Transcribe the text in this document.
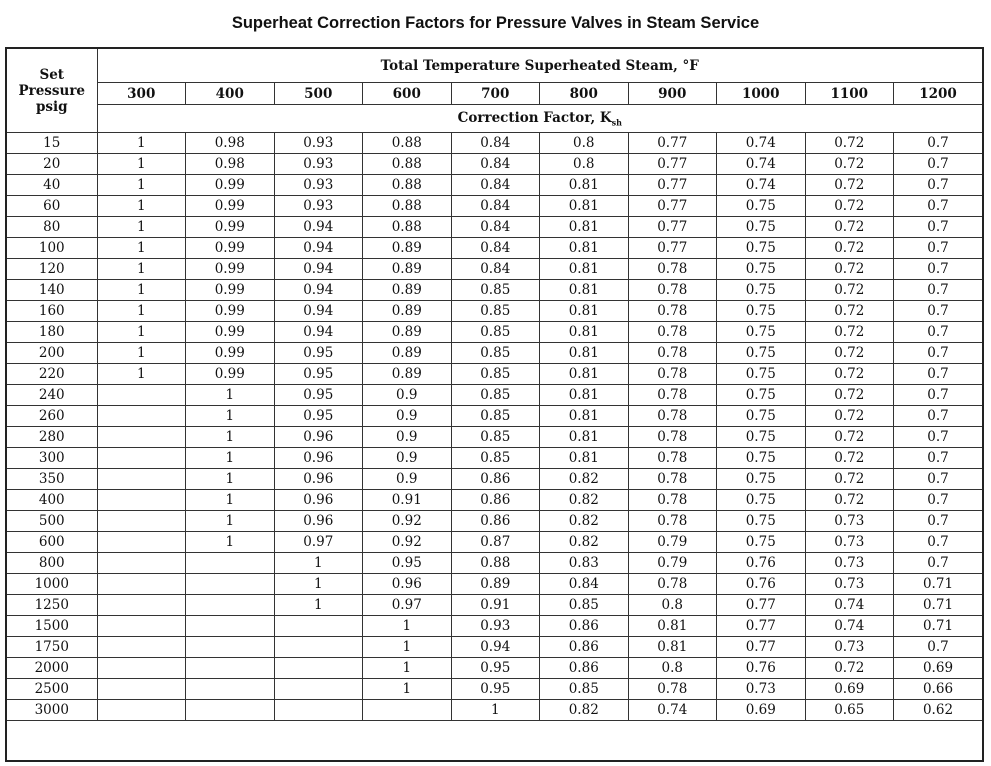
Superheat Correction Factors for Pressure Valves in Steam Service
Set
Pressure
psig	Total Temperature Superheated Steam, °F									
	300	400	500	600	700	800	900	1000	1100	1200
	Correction Factor, $K_{sh}$
15	1	0.98	0.93	0.88	0.84	0.8	0.77	0.74	0.72	0.7
20	1	0.98	0.93	0.88	0.84	0.8	0.77	0.74	0.72	0.7
40	1	0.99	0.93	0.88	0.84	0.81	0.77	0.74	0.72	0.7
60	1	0.99	0.93	0.88	0.84	0.81	0.77	0.75	0.72	0.7
80	1	0.99	0.94	0.88	0.84	0.81	0.77	0.75	0.72	0.7
100	1	0.99	0.94	0.89	0.84	0.81	0.77	0.75	0.72	0.7
120	1	0.99	0.94	0.89	0.84	0.81	0.78	0.75	0.72	0.7
140	1	0.99	0.94	0.89	0.85	0.81	0.78	0.75	0.72	0.7
160	1	0.99	0.94	0.89	0.85	0.81	0.78	0.75	0.72	0.7
180	1	0.99	0.94	0.89	0.85	0.81	0.78	0.75	0.72	0.7
200	1	0.99	0.95	0.89	0.85	0.81	0.78	0.75	0.72	0.7
220	1	0.99	0.95	0.89	0.85	0.81	0.78	0.75	0.72	0.7
240		1	0.95	0.9	0.85	0.81	0.78	0.75	0.72	0.7
260		1	0.95	0.9	0.85	0.81	0.78	0.75	0.72	0.7
280		1	0.96	0.9	0.85	0.81	0.78	0.75	0.72	0.7
300		1	0.96	0.9	0.85	0.81	0.78	0.75	0.72	0.7
350		1	0.96	0.9	0.86	0.82	0.78	0.75	0.72	0.7
400		1	0.96	0.91	0.86	0.82	0.78	0.75	0.72	0.7
500		1	0.96	0.92	0.86	0.82	0.78	0.75	0.73	0.7
600		1	0.97	0.92	0.87	0.82	0.79	0.75	0.73	0.7
800			1	0.95	0.88	0.83	0.79	0.76	0.73	0.7
1000			1	0.96	0.89	0.84	0.78	0.76	0.73	0.71
1250			1	0.97	0.91	0.85	0.8	0.77	0.74	0.71
1500				1	0.93	0.86	0.81	0.77	0.74	0.71
1750				1	0.94	0.86	0.81	0.77	0.73	0.7
2000				1	0.95	0.86	0.8	0.76	0.72	0.69
2500				1	0.95	0.85	0.78	0.73	0.69	0.66
3000					1	0.82	0.74	0.69	0.65	0.62
